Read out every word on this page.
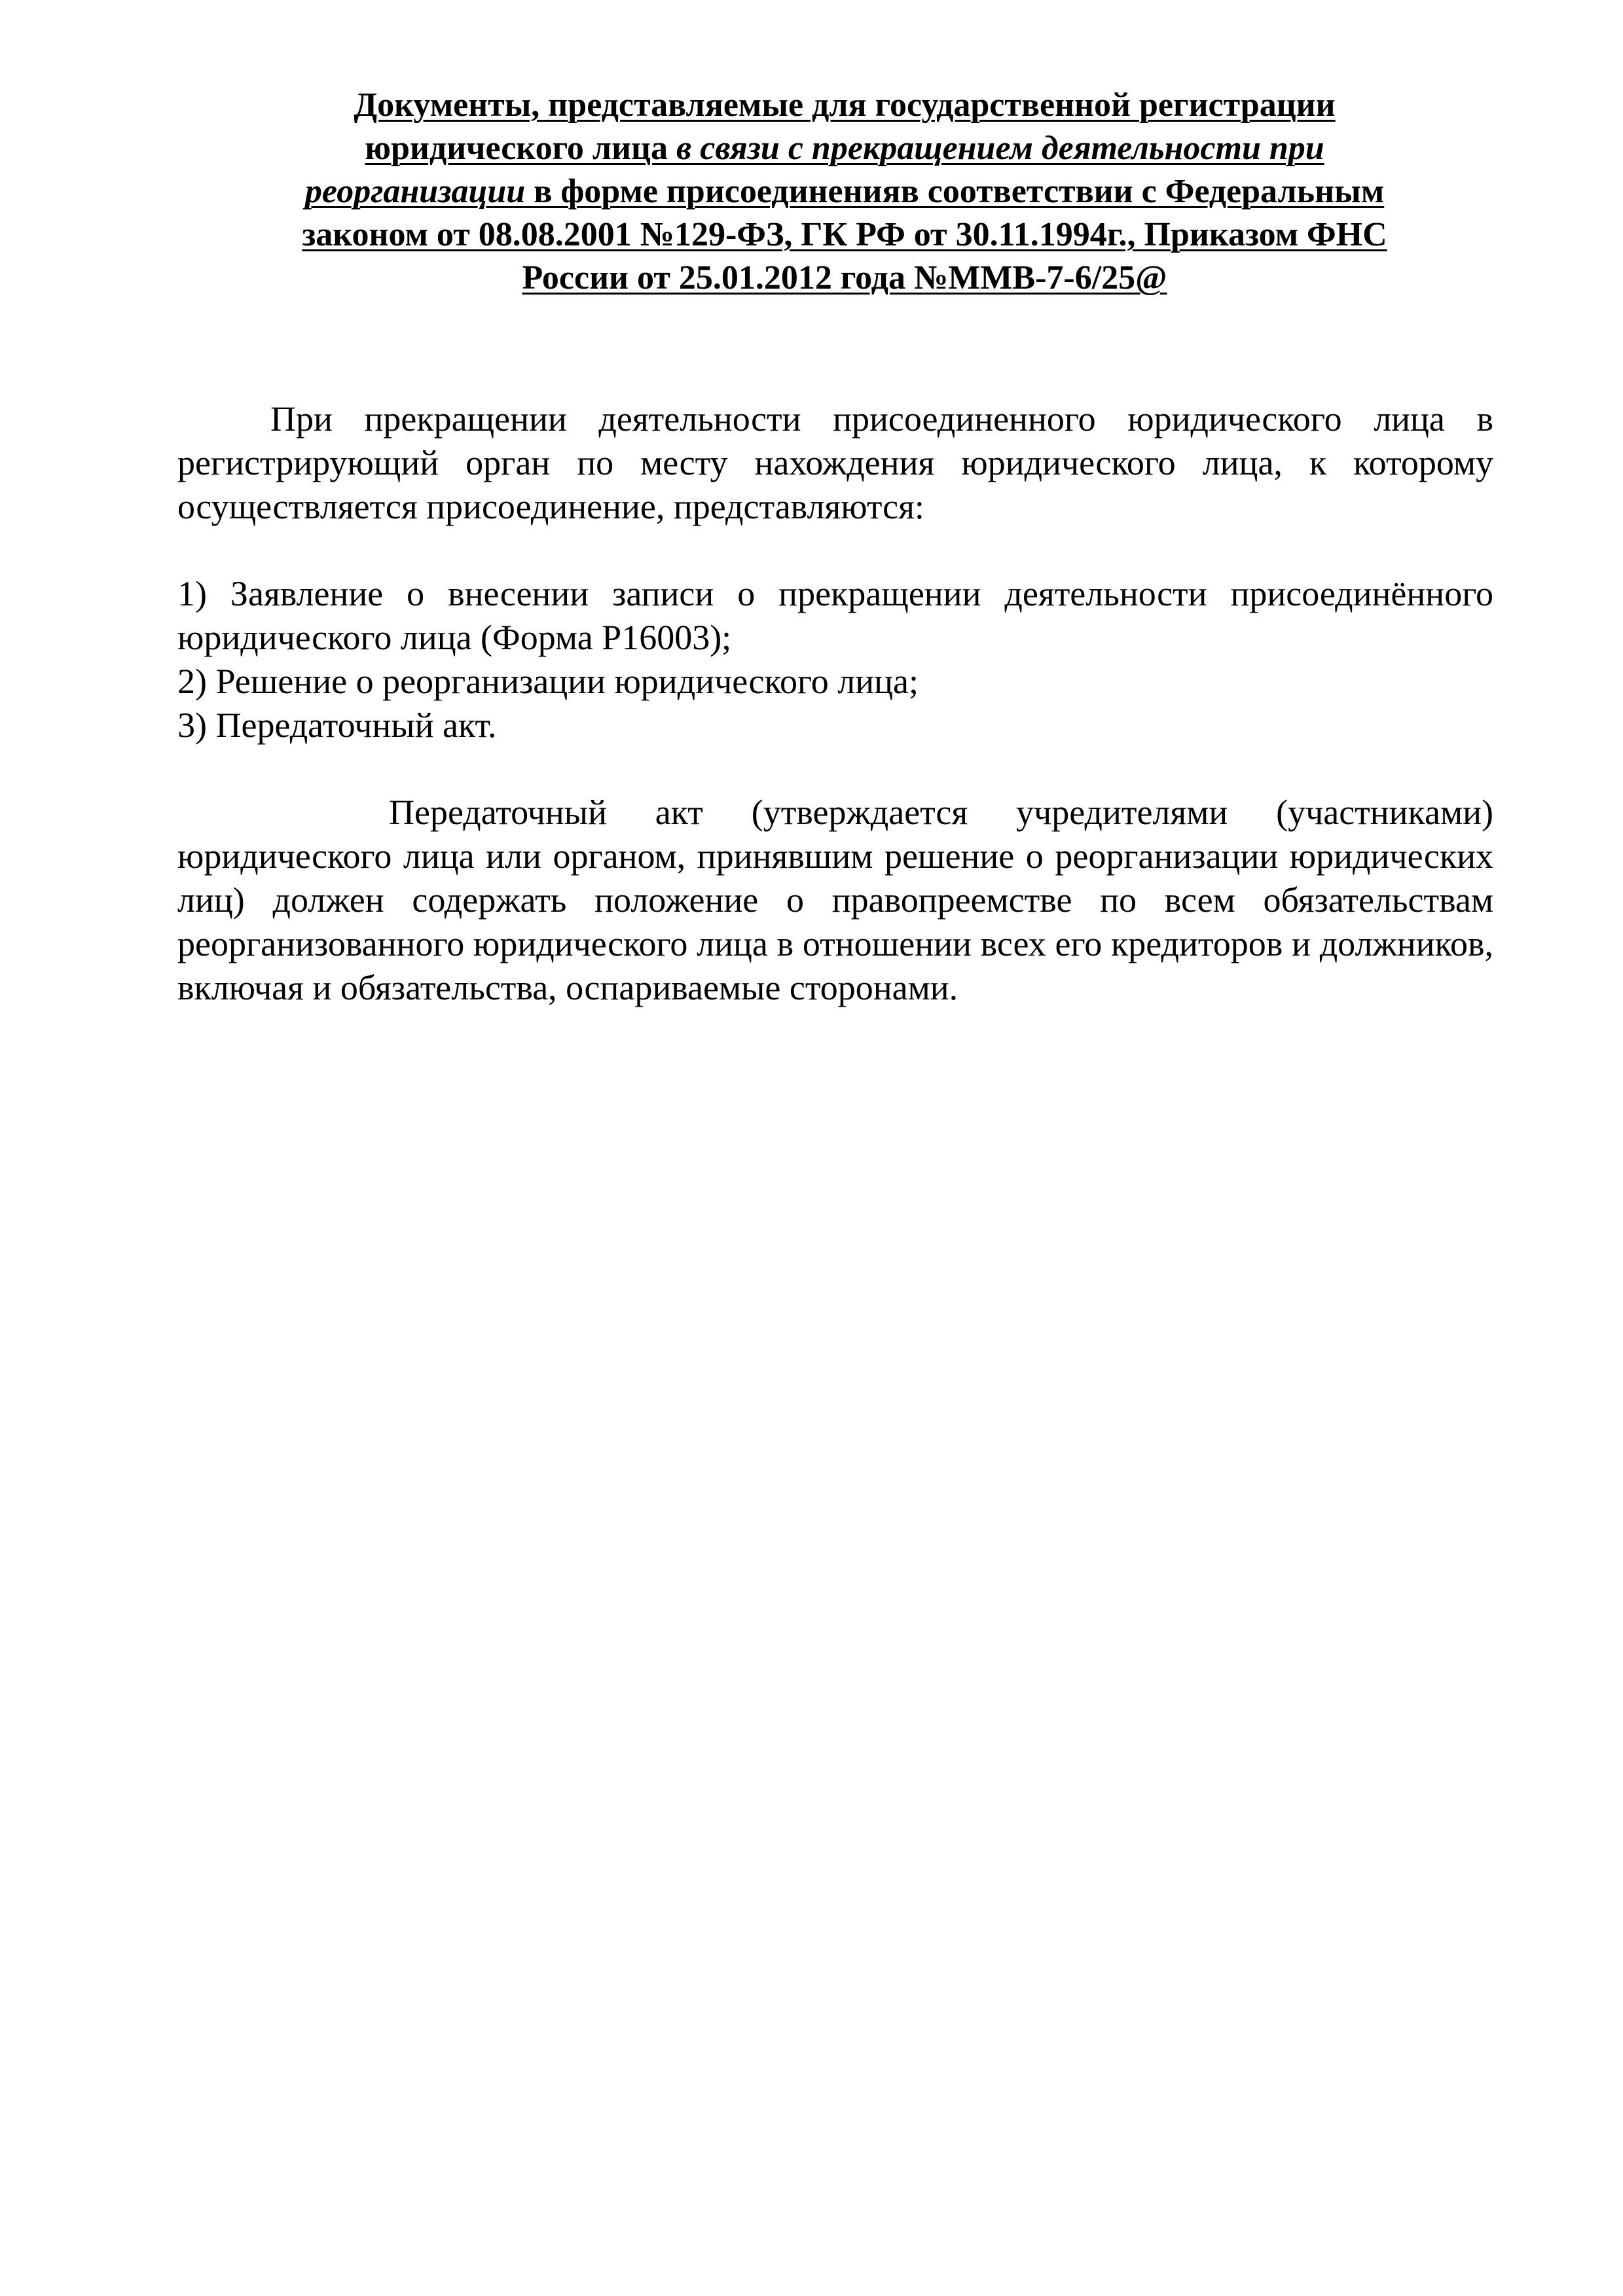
Документы, представляемые для государственной регистрации
юридического лица в связи с прекращением деятельности при
реорганизации в форме присоединенияв соответствии с Федеральным
законом от 08.08.2001 №129-ФЗ, ГК РФ от 30.11.1994г., Приказом ФНС
России от 25.01.2012 года №ММВ-7-6/25@

При прекращении деятельности присоединенного юридического лица в регистрирующий орган по месту нахождения юридического лица, к которому осуществляется присоединение, представляются:

1) Заявление о внесении записи о прекращении деятельности присоединённого юридического лица (Форма Р16003);

2) Решение о реорганизации юридического лица;

3) Передаточный акт.

Передаточный акт (утверждается учредителями (участниками) юридического лица или органом, принявшим решение о реорганизации юридических лиц) должен содержать положение о правопреемстве по всем обязательствам реорганизованного юридического лица в отношении всех его кредиторов и должников, включая и обязательства, оспариваемые сторонами.
